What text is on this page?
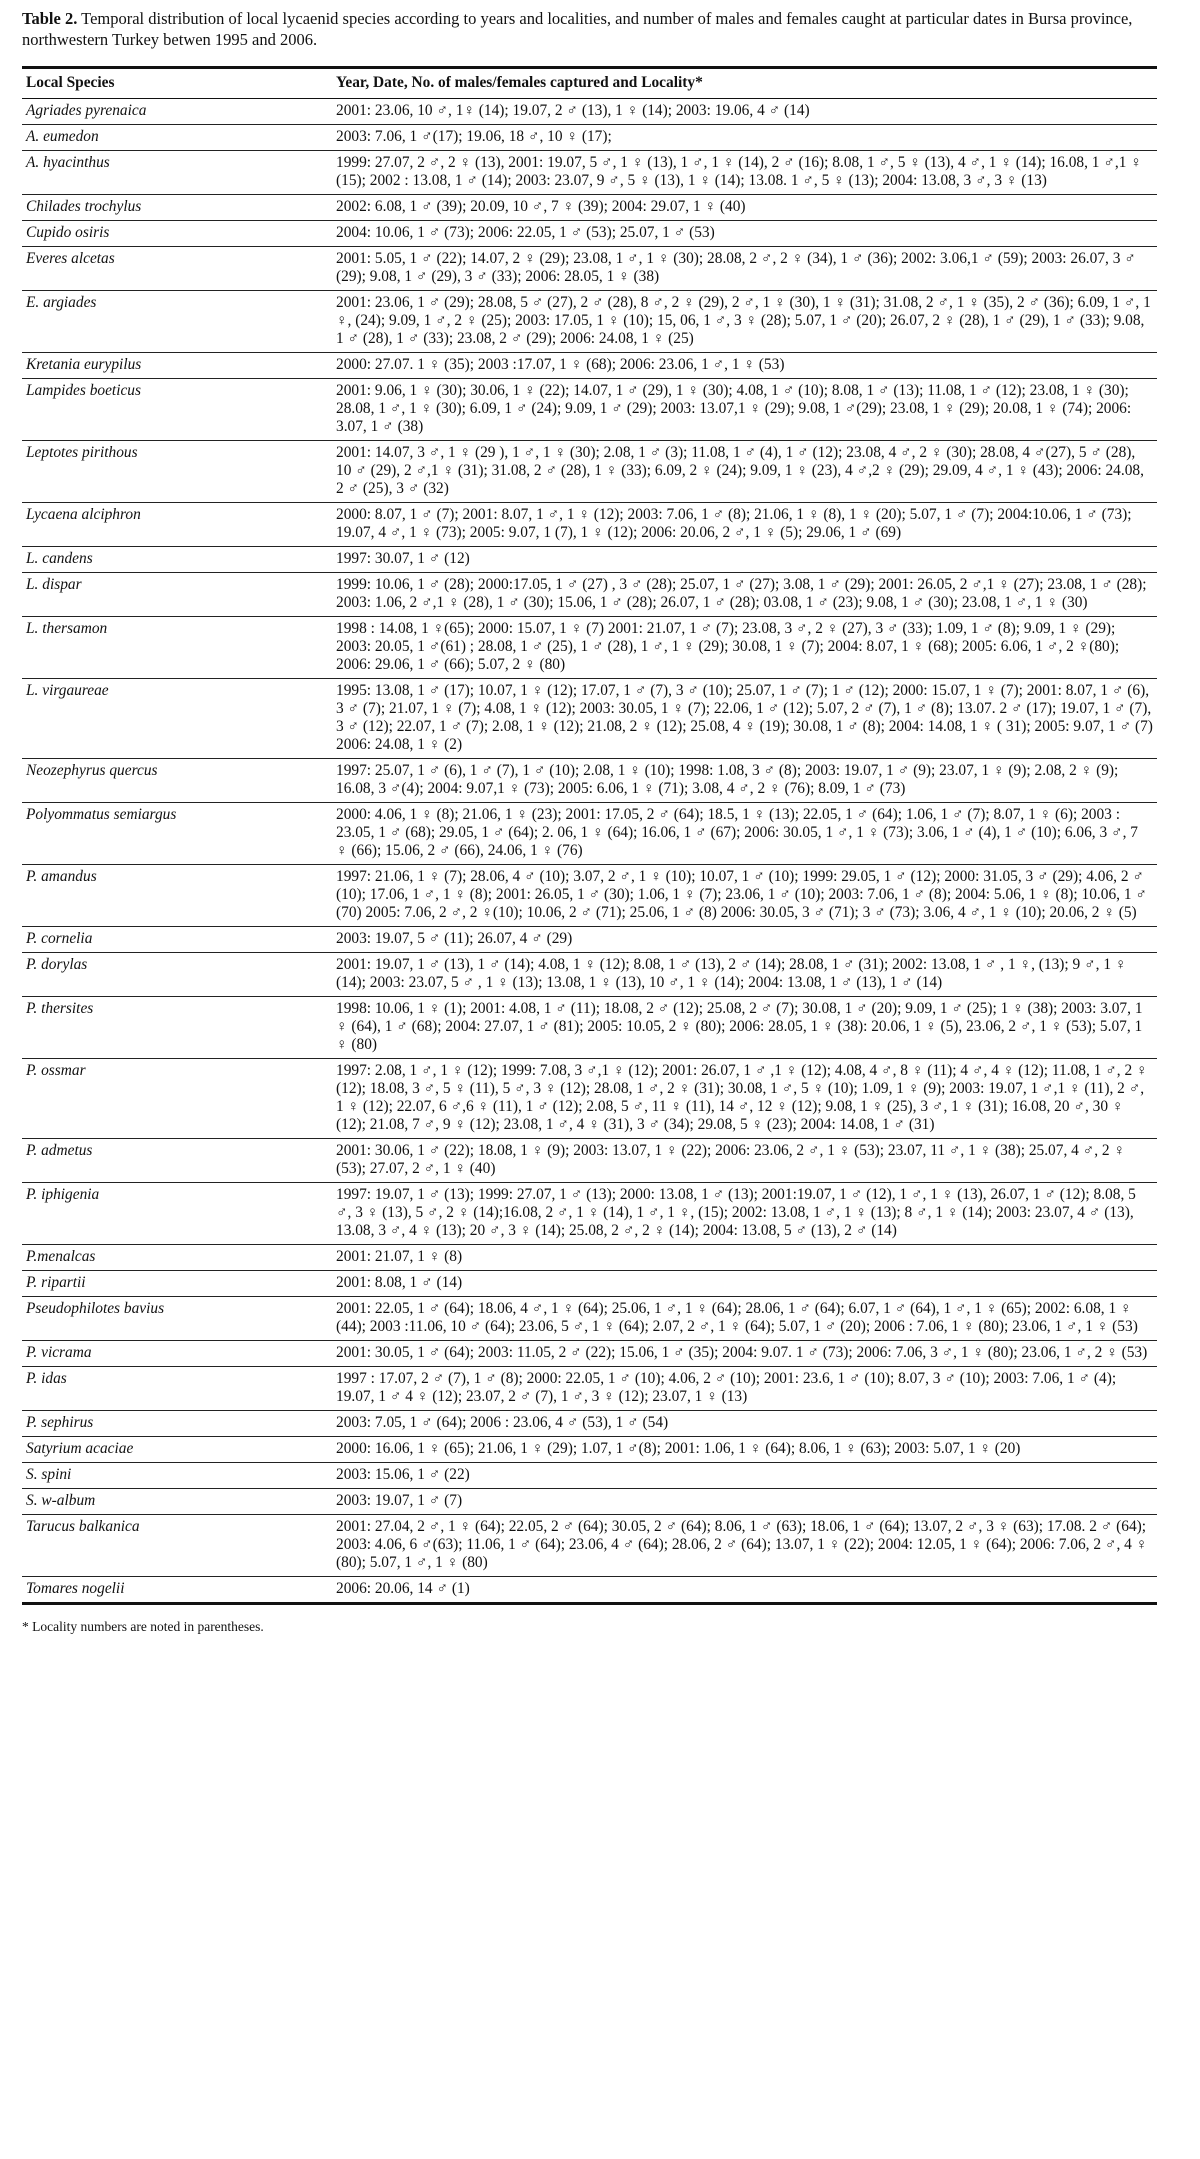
Table 2. Temporal distribution of local lycaenid species according to years and localities, and number of males and females caught at particular dates in Bursa province, northwestern Turkey betwen 1995 and 2006.
Local Species	Year, Date, No. of males/females captured and Locality*
Agriades pyrenaica	2001: 23.06, 10 ♂, 1♀ (14); 19.07, 2 ♂ (13), 1 ♀ (14); 2003: 19.06, 4 ♂ (14)
A. eumedon	2003: 7.06, 1 ♂(17); 19.06, 18 ♂, 10 ♀ (17);
A. hyacinthus	1999: 27.07, 2 ♂, 2 ♀ (13), 2001: 19.07, 5 ♂, 1 ♀ (13), 1 ♂, 1 ♀ (14), 2 ♂ (16); 8.08, 1 ♂, 5 ♀ (13), 4 ♂, 1 ♀ (14); 16.08, 1 ♂,1 ♀ (15); 2002 : 13.08, 1 ♂ (14); 2003: 23.07, 9 ♂, 5 ♀ (13), 1 ♀ (14); 13.08. 1 ♂, 5 ♀ (13); 2004: 13.08, 3 ♂, 3 ♀ (13)
Chilades trochylus	2002: 6.08, 1 ♂ (39); 20.09, 10 ♂, 7 ♀ (39); 2004: 29.07, 1 ♀ (40)
Cupido osiris	2004: 10.06, 1 ♂ (73); 2006: 22.05, 1 ♂ (53); 25.07, 1 ♂ (53)
Everes alcetas	2001: 5.05, 1 ♂ (22); 14.07, 2 ♀ (29); 23.08, 1 ♂, 1 ♀ (30); 28.08, 2 ♂, 2 ♀ (34), 1 ♂ (36); 2002: 3.06,1 ♂ (59); 2003: 26.07, 3 ♂ (29); 9.08, 1 ♂ (29), 3 ♂ (33); 2006: 28.05, 1 ♀ (38)
E. argiades	2001: 23.06, 1 ♂ (29); 28.08, 5 ♂ (27), 2 ♂ (28), 8 ♂, 2 ♀ (29), 2 ♂, 1 ♀ (30), 1 ♀ (31); 31.08, 2 ♂, 1 ♀ (35), 2 ♂ (36); 6.09, 1 ♂, 1 ♀, (24); 9.09, 1 ♂, 2 ♀ (25); 2003: 17.05, 1 ♀ (10); 15, 06, 1 ♂, 3 ♀ (28); 5.07, 1 ♂ (20); 26.07, 2 ♀ (28), 1 ♂ (29), 1 ♂ (33); 9.08, 1 ♂ (28), 1 ♂ (33); 23.08, 2 ♂ (29); 2006: 24.08, 1 ♀ (25)
Kretania eurypilus	2000: 27.07. 1 ♀ (35); 2003 :17.07, 1 ♀ (68); 2006: 23.06, 1 ♂, 1 ♀ (53)
Lampides boeticus	2001: 9.06, 1 ♀ (30); 30.06, 1 ♀ (22); 14.07, 1 ♂ (29), 1 ♀ (30); 4.08, 1 ♂ (10); 8.08, 1 ♂ (13); 11.08, 1 ♂ (12); 23.08, 1 ♀ (30); 28.08, 1 ♂, 1 ♀ (30); 6.09, 1 ♂ (24); 9.09, 1 ♂ (29); 2003: 13.07,1 ♀ (29); 9.08, 1 ♂(29); 23.08, 1 ♀ (29); 20.08, 1 ♀ (74); 2006: 3.07, 1 ♂ (38)
Leptotes pirithous	2001: 14.07, 3 ♂, 1 ♀ (29 ), 1 ♂, 1 ♀ (30); 2.08, 1 ♂ (3); 11.08, 1 ♂ (4), 1 ♂ (12); 23.08, 4 ♂, 2 ♀ (30); 28.08, 4 ♂(27), 5 ♂ (28), 10 ♂ (29), 2 ♂,1 ♀ (31); 31.08, 2 ♂ (28), 1 ♀ (33); 6.09, 2 ♀ (24); 9.09, 1 ♀ (23), 4 ♂,2 ♀ (29); 29.09, 4 ♂, 1 ♀ (43); 2006: 24.08, 2 ♂ (25), 3 ♂ (32)
Lycaena alciphron	2000: 8.07, 1 ♂ (7); 2001: 8.07, 1 ♂, 1 ♀ (12); 2003: 7.06, 1 ♂ (8); 21.06, 1 ♀ (8), 1 ♀ (20); 5.07, 1 ♂ (7); 2004:10.06, 1 ♂ (73); 19.07, 4 ♂, 1 ♀ (73); 2005: 9.07, 1 (7), 1 ♀ (12); 2006: 20.06, 2 ♂, 1 ♀ (5); 29.06, 1 ♂ (69)
L. candens	1997: 30.07, 1 ♂ (12)
L. dispar	1999: 10.06, 1 ♂ (28); 2000:17.05, 1 ♂ (27) , 3 ♂ (28); 25.07, 1 ♂ (27); 3.08, 1 ♂ (29); 2001: 26.05, 2 ♂,1 ♀ (27); 23.08, 1 ♂ (28); 2003: 1.06, 2 ♂,1 ♀ (28), 1 ♂ (30); 15.06, 1 ♂ (28); 26.07, 1 ♂ (28); 03.08, 1 ♂ (23); 9.08, 1 ♂ (30); 23.08, 1 ♂, 1 ♀ (30)
L. thersamon	1998 : 14.08, 1 ♀(65); 2000: 15.07, 1 ♀ (7) 2001: 21.07, 1 ♂ (7); 23.08, 3 ♂, 2 ♀ (27), 3 ♂ (33); 1.09, 1 ♂ (8); 9.09, 1 ♀ (29); 2003: 20.05, 1 ♂(61) ; 28.08, 1 ♂ (25), 1 ♂ (28), 1 ♂, 1 ♀ (29); 30.08, 1 ♀ (7); 2004: 8.07, 1 ♀ (68); 2005: 6.06, 1 ♂, 2 ♀(80); 2006: 29.06, 1 ♂ (66); 5.07, 2 ♀ (80)
L. virgaureae	1995: 13.08, 1 ♂ (17); 10.07, 1 ♀ (12); 17.07, 1 ♂ (7), 3 ♂ (10); 25.07, 1 ♂ (7); 1 ♂ (12); 2000: 15.07, 1 ♀ (7); 2001: 8.07, 1 ♂ (6), 3 ♂ (7); 21.07, 1 ♀ (7); 4.08, 1 ♀ (12); 2003: 30.05, 1 ♀ (7); 22.06, 1 ♂ (12); 5.07, 2 ♂ (7), 1 ♂ (8); 13.07. 2 ♂ (17); 19.07, 1 ♂ (7), 3 ♂ (12); 22.07, 1 ♂ (7); 2.08, 1 ♀ (12); 21.08, 2 ♀ (12); 25.08, 4 ♀ (19); 30.08, 1 ♂ (8); 2004: 14.08, 1 ♀ ( 31); 2005: 9.07, 1 ♂ (7) 2006: 24.08, 1 ♀ (2)
Neozephyrus quercus	1997: 25.07, 1 ♂ (6), 1 ♂ (7), 1 ♂ (10); 2.08, 1 ♀ (10); 1998: 1.08, 3 ♂ (8); 2003: 19.07, 1 ♂ (9); 23.07, 1 ♀ (9); 2.08, 2 ♀ (9); 16.08, 3 ♂(4); 2004: 9.07,1 ♀ (73); 2005: 6.06, 1 ♀ (71); 3.08, 4 ♂, 2 ♀ (76); 8.09, 1 ♂ (73)
Polyommatus semiargus	2000: 4.06, 1 ♀ (8); 21.06, 1 ♀ (23); 2001: 17.05, 2 ♂ (64); 18.5, 1 ♀ (13); 22.05, 1 ♂ (64); 1.06, 1 ♂ (7); 8.07, 1 ♀ (6); 2003 : 23.05, 1 ♂ (68); 29.05, 1 ♂ (64); 2. 06, 1 ♀ (64); 16.06, 1 ♂ (67); 2006: 30.05, 1 ♂, 1 ♀ (73); 3.06, 1 ♂ (4), 1 ♂ (10); 6.06, 3 ♂, 7 ♀ (66); 15.06, 2 ♂ (66), 24.06, 1 ♀ (76)
P. amandus	1997: 21.06, 1 ♀ (7); 28.06, 4 ♂ (10); 3.07, 2 ♂, 1 ♀ (10); 10.07, 1 ♂ (10); 1999: 29.05, 1 ♂ (12); 2000: 31.05, 3 ♂ (29); 4.06, 2 ♂ (10); 17.06, 1 ♂, 1 ♀ (8); 2001: 26.05, 1 ♂ (30); 1.06, 1 ♀ (7); 23.06, 1 ♂ (10); 2003: 7.06, 1 ♂ (8); 2004: 5.06, 1 ♀ (8); 10.06, 1 ♂ (70) 2005: 7.06, 2 ♂, 2 ♀(10); 10.06, 2 ♂ (71); 25.06, 1 ♂ (8) 2006: 30.05, 3 ♂ (71); 3 ♂ (73); 3.06, 4 ♂, 1 ♀ (10); 20.06, 2 ♀ (5)
P. cornelia	2003: 19.07, 5 ♂ (11); 26.07, 4 ♂ (29)
P. dorylas	2001: 19.07, 1 ♂ (13), 1 ♂ (14); 4.08, 1 ♀ (12); 8.08, 1 ♂ (13), 2 ♂ (14); 28.08, 1 ♂ (31); 2002: 13.08, 1 ♂ , 1 ♀, (13); 9 ♂, 1 ♀ (14); 2003: 23.07, 5 ♂ , 1 ♀ (13); 13.08, 1 ♀ (13), 10 ♂, 1 ♀ (14); 2004: 13.08, 1 ♂ (13), 1 ♂ (14)
P. thersites	1998: 10.06, 1 ♀ (1); 2001: 4.08, 1 ♂ (11); 18.08, 2 ♂ (12); 25.08, 2 ♂ (7); 30.08, 1 ♂ (20); 9.09, 1 ♂ (25); 1 ♀ (38); 2003: 3.07, 1 ♀ (64), 1 ♂ (68); 2004: 27.07, 1 ♂ (81); 2005: 10.05, 2 ♀ (80); 2006: 28.05, 1 ♀ (38): 20.06, 1 ♀ (5), 23.06, 2 ♂, 1 ♀ (53); 5.07, 1 ♀ (80)
P. ossmar	1997: 2.08, 1 ♂, 1 ♀ (12); 1999: 7.08, 3 ♂,1 ♀ (12); 2001: 26.07, 1 ♂ ,1 ♀ (12); 4.08, 4 ♂, 8 ♀ (11); 4 ♂, 4 ♀ (12); 11.08, 1 ♂, 2 ♀ (12); 18.08, 3 ♂, 5 ♀ (11), 5 ♂, 3 ♀ (12); 28.08, 1 ♂, 2 ♀ (31); 30.08, 1 ♂, 5 ♀ (10); 1.09, 1 ♀ (9); 2003: 19.07, 1 ♂,1 ♀ (11), 2 ♂, 1 ♀ (12); 22.07, 6 ♂,6 ♀ (11), 1 ♂ (12); 2.08, 5 ♂, 11 ♀ (11), 14 ♂, 12 ♀ (12); 9.08, 1 ♀ (25), 3 ♂, 1 ♀ (31); 16.08, 20 ♂, 30 ♀ (12); 21.08, 7 ♂, 9 ♀ (12); 23.08, 1 ♂, 4 ♀ (31), 3 ♂ (34); 29.08, 5 ♀ (23); 2004: 14.08, 1 ♂ (31)
P. admetus	2001: 30.06, 1 ♂ (22); 18.08, 1 ♀ (9); 2003: 13.07, 1 ♀ (22); 2006: 23.06, 2 ♂, 1 ♀ (53); 23.07, 11 ♂, 1 ♀ (38); 25.07, 4 ♂, 2 ♀ (53); 27.07, 2 ♂, 1 ♀ (40)
P. iphigenia	1997: 19.07, 1 ♂ (13); 1999: 27.07, 1 ♂ (13); 2000: 13.08, 1 ♂ (13); 2001:19.07, 1 ♂ (12), 1 ♂, 1 ♀ (13), 26.07, 1 ♂ (12); 8.08, 5 ♂, 3 ♀ (13), 5 ♂, 2 ♀ (14);16.08, 2 ♂, 1 ♀ (14), 1 ♂, 1 ♀, (15); 2002: 13.08, 1 ♂, 1 ♀ (13); 8 ♂, 1 ♀ (14); 2003: 23.07, 4 ♂ (13), 13.08, 3 ♂, 4 ♀ (13); 20 ♂, 3 ♀ (14); 25.08, 2 ♂, 2 ♀ (14); 2004: 13.08, 5 ♂ (13), 2 ♂ (14)
P.menalcas	2001: 21.07, 1 ♀ (8)
P. ripartii	2001: 8.08, 1 ♂ (14)
Pseudophilotes bavius	2001: 22.05, 1 ♂ (64); 18.06, 4 ♂, 1 ♀ (64); 25.06, 1 ♂, 1 ♀ (64); 28.06, 1 ♂ (64); 6.07, 1 ♂ (64), 1 ♂, 1 ♀ (65); 2002: 6.08, 1 ♀ (44); 2003 :11.06, 10 ♂ (64); 23.06, 5 ♂, 1 ♀ (64); 2.07, 2 ♂, 1 ♀ (64); 5.07, 1 ♂ (20); 2006 : 7.06, 1 ♀ (80); 23.06, 1 ♂, 1 ♀ (53)
P. vicrama	2001: 30.05, 1 ♂ (64); 2003: 11.05, 2 ♂ (22); 15.06, 1 ♂ (35); 2004: 9.07. 1 ♂ (73); 2006: 7.06, 3 ♂, 1 ♀ (80); 23.06, 1 ♂, 2 ♀ (53)
P. idas	1997 : 17.07, 2 ♂ (7), 1 ♂ (8); 2000: 22.05, 1 ♂ (10); 4.06, 2 ♂ (10); 2001: 23.6, 1 ♂ (10); 8.07, 3 ♂ (10); 2003: 7.06, 1 ♂ (4); 19.07, 1 ♂ 4 ♀ (12); 23.07, 2 ♂ (7), 1 ♂, 3 ♀ (12); 23.07, 1 ♀ (13)
P. sephirus	2003: 7.05, 1 ♂ (64); 2006 : 23.06, 4 ♂ (53), 1 ♂ (54)
Satyrium acaciae	2000: 16.06, 1 ♀ (65); 21.06, 1 ♀ (29); 1.07, 1 ♂(8); 2001: 1.06, 1 ♀ (64); 8.06, 1 ♀ (63); 2003: 5.07, 1 ♀ (20)
S. spini	2003: 15.06, 1 ♂ (22)
S. w-album	2003: 19.07, 1 ♂ (7)
Tarucus balkanica	2001: 27.04, 2 ♂, 1 ♀ (64); 22.05, 2 ♂ (64); 30.05, 2 ♂ (64); 8.06, 1 ♂ (63); 18.06, 1 ♂ (64); 13.07, 2 ♂, 3 ♀ (63); 17.08. 2 ♂ (64); 2003: 4.06, 6 ♂(63); 11.06, 1 ♂ (64); 23.06, 4 ♂ (64); 28.06, 2 ♂ (64); 13.07, 1 ♀ (22); 2004: 12.05, 1 ♀ (64); 2006: 7.06, 2 ♂, 4 ♀ (80); 5.07, 1 ♂, 1 ♀ (80)
Tomares nogelii	2006: 20.06, 14 ♂ (1)
* Locality numbers are noted in parentheses.
